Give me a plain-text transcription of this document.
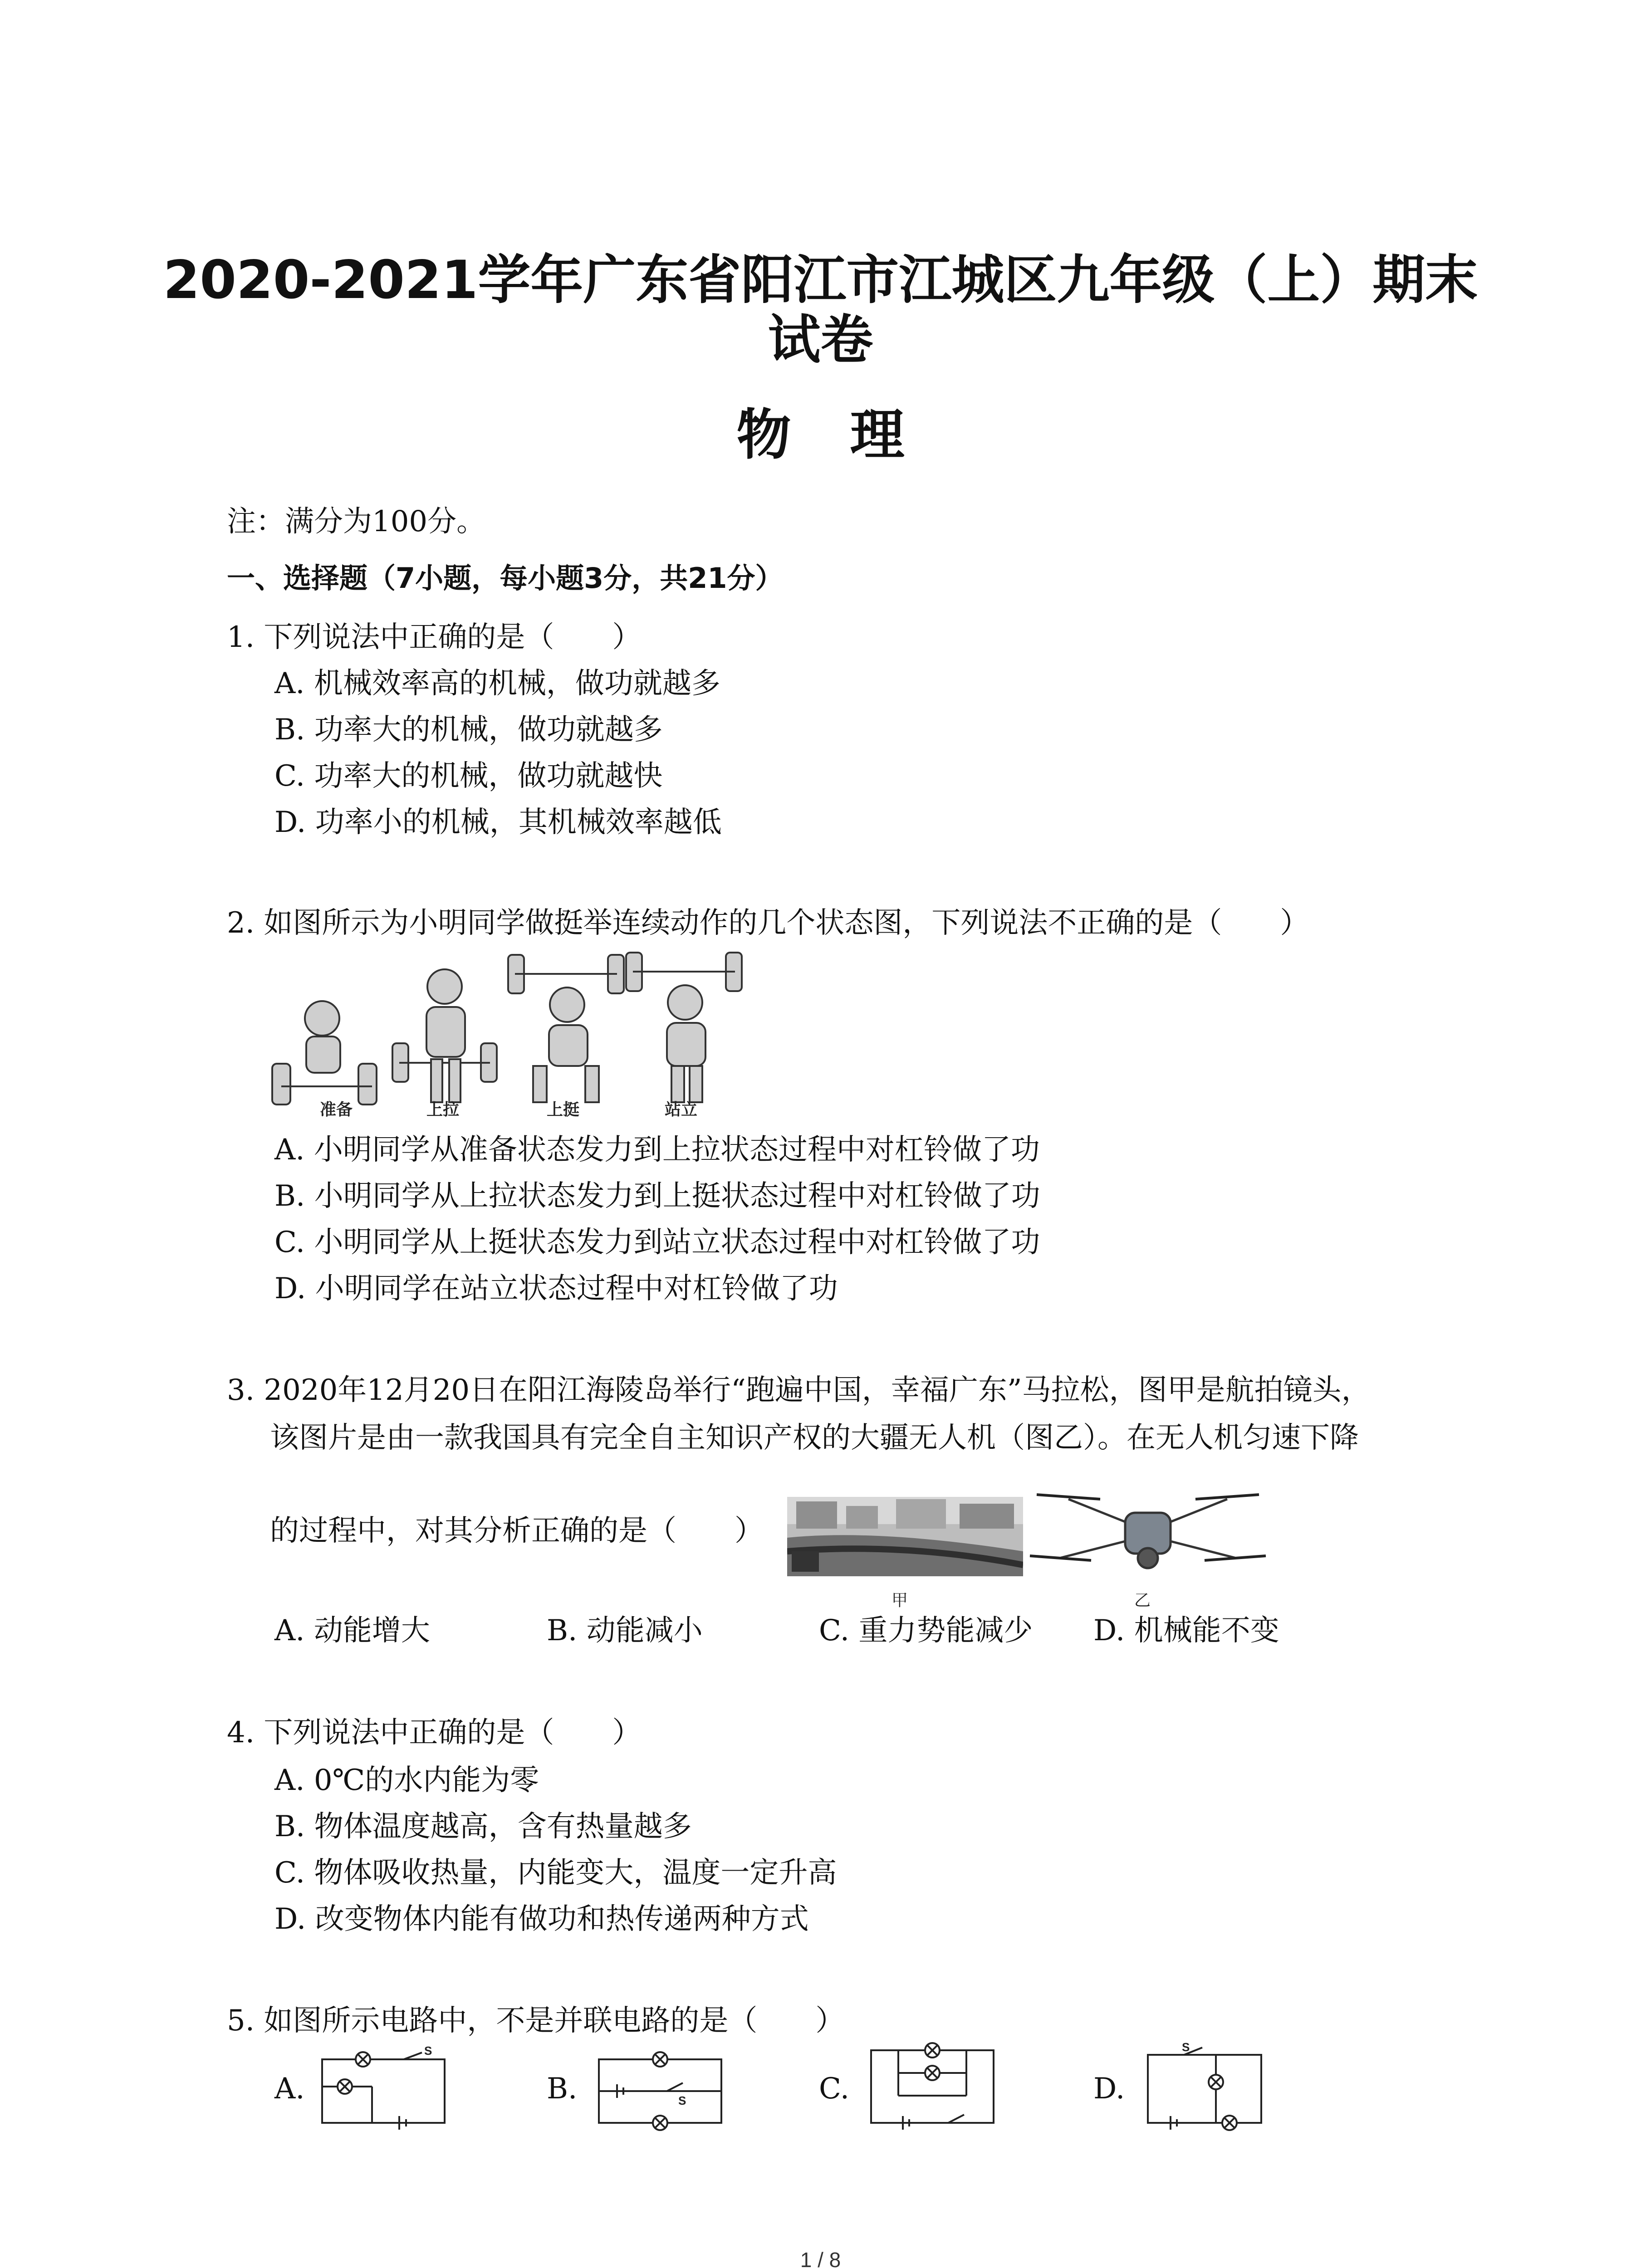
2020-2021学年广东省阳江市江城区九年级（上）期末
试卷
物理
注：满分为100分。
一、选择题（7小题，每小题3分，共21分）
1. 下列说法中正确的是（　　）
A. 机械效率高的机械，做功就越多
B. 功率大的机械，做功就越多
C. 功率大的机械，做功就越快
D. 功率小的机械，其机械效率越低
2. 如图所示为小明同学做挺举连续动作的几个状态图，下列说法不正确的是（　　）
准备	上拉	上挺	站立
A. 小明同学从准备状态发力到上拉状态过程中对杠铃做了功
B. 小明同学从上拉状态发力到上挺状态过程中对杠铃做了功
C. 小明同学从上挺状态发力到站立状态过程中对杠铃做了功
D. 小明同学在站立状态过程中对杠铃做了功
3. 2020年12月20日在阳江海陵岛举行“跑遍中国，幸福广东”马拉松，图甲是航拍镜头，
该图片是由一款我国具有完全自主知识产权的大疆无人机（图乙）。在无人机匀速下降
的过程中，对其分析正确的是（　　）
甲	乙
A. 动能增大	B. 动能减小	C. 重力势能减少 D. 机械能不变
4. 下列说法中正确的是（　　）
A. 0℃的水内能为零
B. 物体温度越高，含有热量越多
C. 物体吸收热量，内能变大，温度一定升高
D. 改变物体内能有做功和热传递两种方式
5. 如图所示电路中，不是并联电路的是（　　）
A.
S
B.	S	C.	D.
S
1 / 8
